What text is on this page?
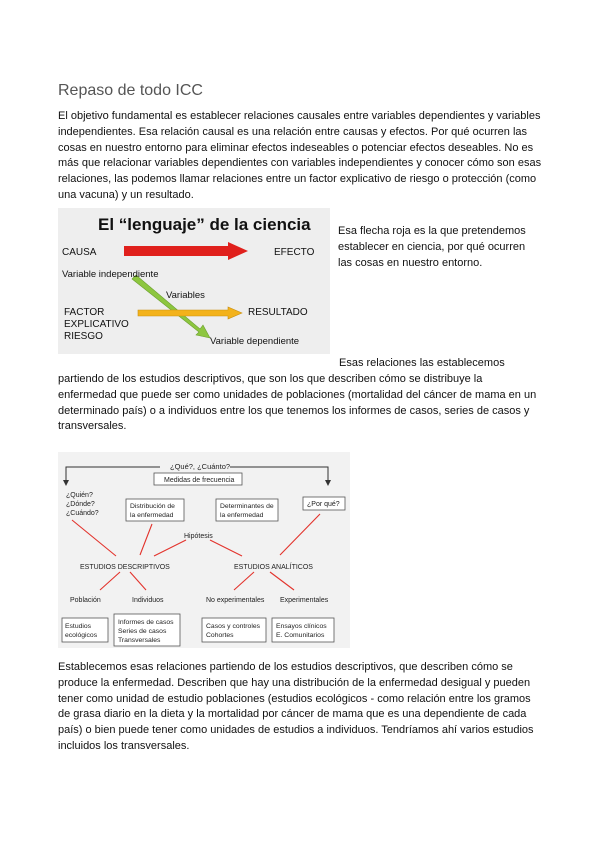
Repaso de todo ICC

El objetivo fundamental es establecer relaciones causales entre variables dependientes y variables independientes. Esa relación causal es una relación entre causas y efectos. Por qué ocurren las cosas en nuestro entorno para eliminar efectos indeseables o potenciar efectos deseables. No es más que relacionar variables dependientes con variables independientes y conocer cómo son esas relaciones, las podemos llamar relaciones entre un factor explicativo de riesgo o protección (como una vacuna) y un resultado.

El “lenguaje” de la ciencia
CAUSA	EFECTO
Variable independiente
Variables
FACTOR
EXPLICATIVO
RIESGO
RESULTADO
Variable dependiente

Esa flecha roja es la que pretendemos establecer en ciencia, por qué ocurren las cosas en nuestro entorno.

Esas relaciones las establecemos

partiendo de los estudios descriptivos, que son los que describen cómo se distribuye la enfermedad que puede ser como unidades de poblaciones (mortalidad del cáncer de mama en un determinado país) o a individuos entre los que tenemos los informes de casos, series de casos y transversales.

¿Qué?, ¿Cuánto?
Medidas de frecuencia
¿Quién?
¿Dónde?
¿Cuándo?
Distribución de
la enfermedad
Determinantes de
la enfermedad
¿Por qué?
Hipótesis
ESTUDIOS DESCRIPTIVOS	ESTUDIOS ANALÍTICOS
Población	Individuos	No experimentales Experimentales
Estudios
ecológicos
Informes de casos
Series de casos
Transversales
Casos y controles
Cohortes
Ensayos clínicos
E. Comunitarios

Establecemos esas relaciones partiendo de los estudios descriptivos, que describen cómo se produce la enfermedad. Describen que hay una distribución de la enfermedad desigual y pueden tener como unidad de estudio poblaciones (estudios ecológicos - como relación entre los gramos de grasa diario en la dieta y la mortalidad por cáncer de mama que es una dependiente de cada país) o bien puede tener como unidades de estudios a individuos. Tendríamos ahí varios estudios incluidos los transversales.
